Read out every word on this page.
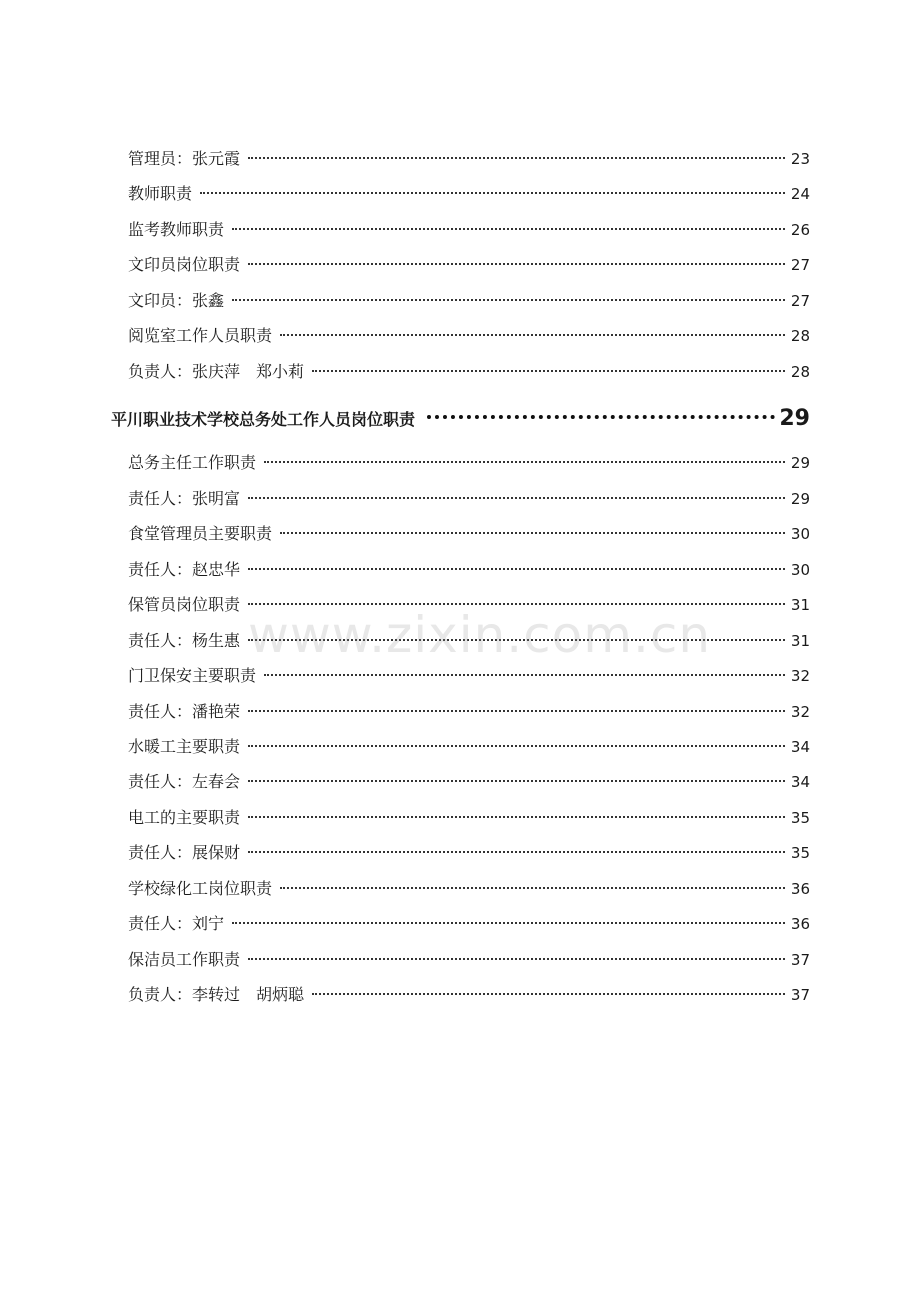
管理员：张元霞	23
教师职责	24
监考教师职责	26
文印员岗位职责	27
文印员：张鑫	27
阅览室工作人员职责	28
负责人：张庆萍　郑小莉	28
平川职业技术学校总务处工作人员岗位职责	29
总务主任工作职责	29
责任人：张明富	29
食堂管理员主要职责	30
责任人：赵忠华	30
保管员岗位职责	31
责任人：杨生惠	31
门卫保安主要职责	32
责任人：潘艳荣	32
水暖工主要职责	34
责任人：左春会	34
电工的主要职责	35
责任人：展保财	35
学校绿化工岗位职责	36
责任人：刘宁	36
保洁员工作职责	37
负责人：李转过　胡炳聪	37
www.zixin.com.cn
